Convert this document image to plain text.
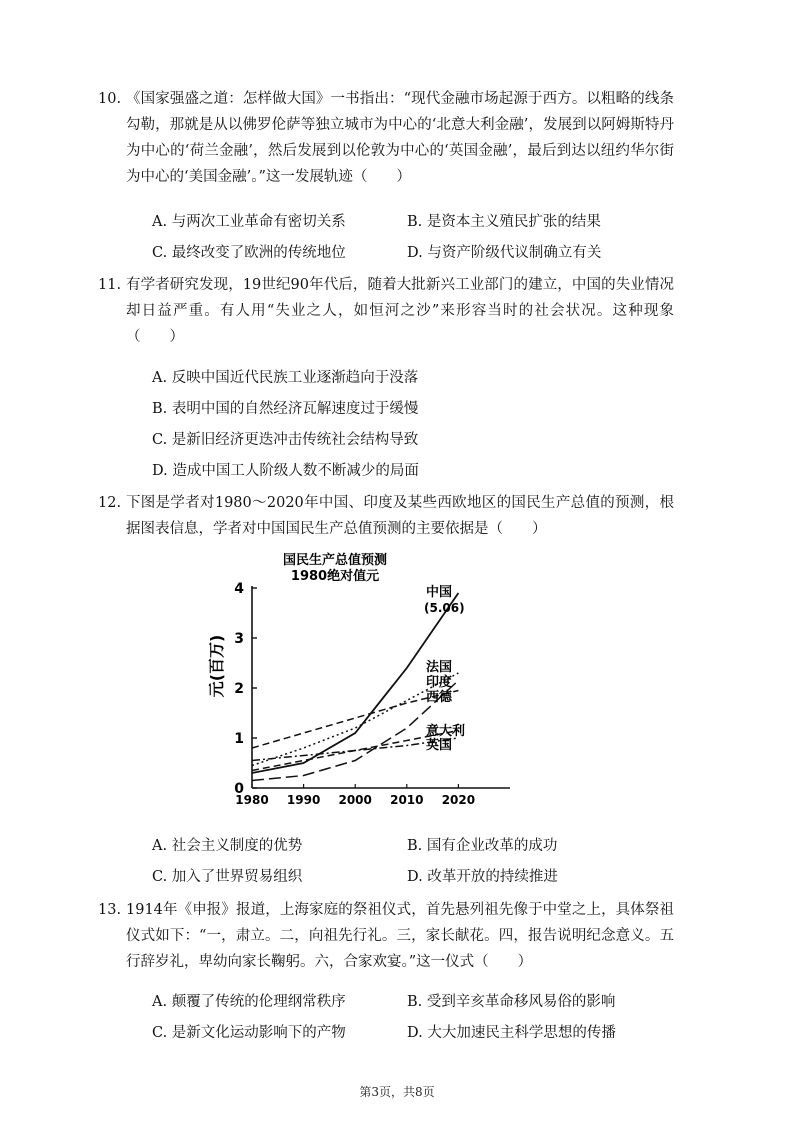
10. 《国家强盛之道：怎样做大国》一书指出：“现代金融市场起源于西方。以粗略的线条勾勒，那就是从以佛罗伦萨等独立城市为中心的‘北意大利金融’，发展到以阿姆斯特丹为中心的‘荷兰金融’，然后发展到以伦敦为中心的‘英国金融’，最后到达以纽约华尔街为中心的‘美国金融’。”这一发展轨迹（　　）
A. 与两次工业革命有密切关系	B. 是资本主义殖民扩张的结果
C. 最终改变了欧洲的传统地位	D. 与资产阶级代议制确立有关
11. 有学者研究发现，19世纪90年代后，随着大批新兴工业部门的建立，中国的失业情况却日益严重。有人用“失业之人，如恒河之沙”来形容当时的社会状况。这种现象（　　）
A. 反映中国近代民族工业逐渐趋向于没落
B. 表明中国的自然经济瓦解速度过于缓慢
C. 是新旧经济更迭冲击传统社会结构导致
D. 造成中国工人阶级人数不断减少的局面
12. 下图是学者对1980～2020年中国、印度及某些西欧地区的国民生产总值的预测，根据图表信息，学者对中国国民生产总值预测的主要依据是（　　）
国民生产总值预测
1980绝对值元
0
1
2
3
4
1980 1990 2000 2010 2020
元(百万)
中国
(5.06)
法国
印度
西德
意大利
英国
A. 社会主义制度的优势	B. 国有企业改革的成功
C. 加入了世界贸易组织	D. 改革开放的持续推进
13. 1914年《申报》报道，上海家庭的祭祖仪式，首先悬列祖先像于中堂之上，具体祭祖仪式如下：“一，肃立。二，向祖先行礼。三，家长献花。四，报告说明纪念意义。五行辞岁礼，卑幼向家长鞠躬。六，合家欢宴。”这一仪式（　　）
A. 颠覆了传统的伦理纲常秩序	B. 受到辛亥革命移风易俗的影响
C. 是新文化运动影响下的产物	D. 大大加速民主科学思想的传播
第3页，共8页
